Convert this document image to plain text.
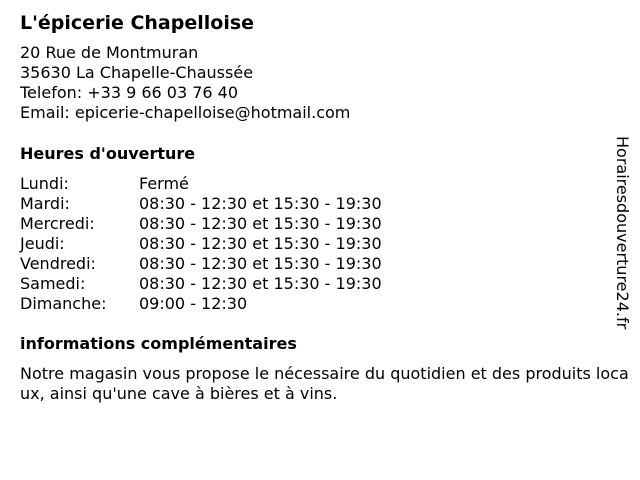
L'épicerie Chapelloise
20 Rue de Montmuran
35630 La Chapelle-Chaussée
Telefon: +33 9 66 03 76 40
Email: epicerie-chapelloise@hotmail.com
Heures d'ouverture
Lundi:	Fermé
Mardi:	08:30 - 12:30 et 15:30 - 19:30
Mercredi:	08:30 - 12:30 et 15:30 - 19:30
Jeudi:	08:30 - 12:30 et 15:30 - 19:30
Vendredi:	08:30 - 12:30 et 15:30 - 19:30
Samedi:	08:30 - 12:30 et 15:30 - 19:30
Dimanche: 09:00 - 12:30
informations complémentaires
Notre magasin vous propose le nécessaire du quotidien et des produits locaux, ainsi qu'une cave à bières et à vins.
Horairesdouverture24.fr
